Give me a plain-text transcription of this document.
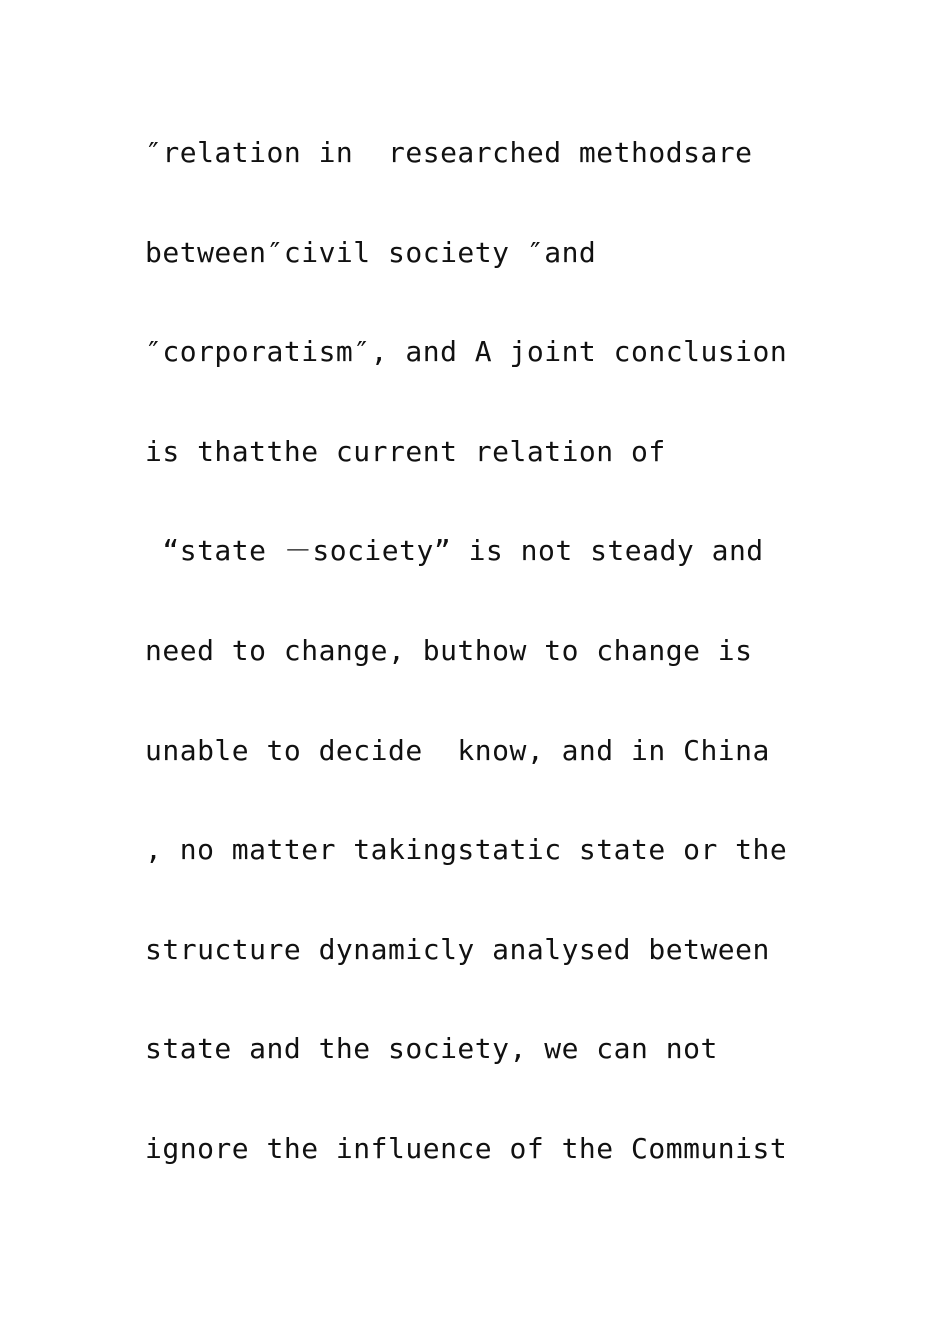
″relation in  researched methodsare
between″civil society ″and
″corporatism″, and A joint conclusion
is thatthe current relation of
“state －society” is not steady and
need to change, buthow to change is
unable to decide  know, and in China
, no matter takingstatic state or the
structure dynamicly analysed between
state and the society, we can not
ignore the influence of the Communist
